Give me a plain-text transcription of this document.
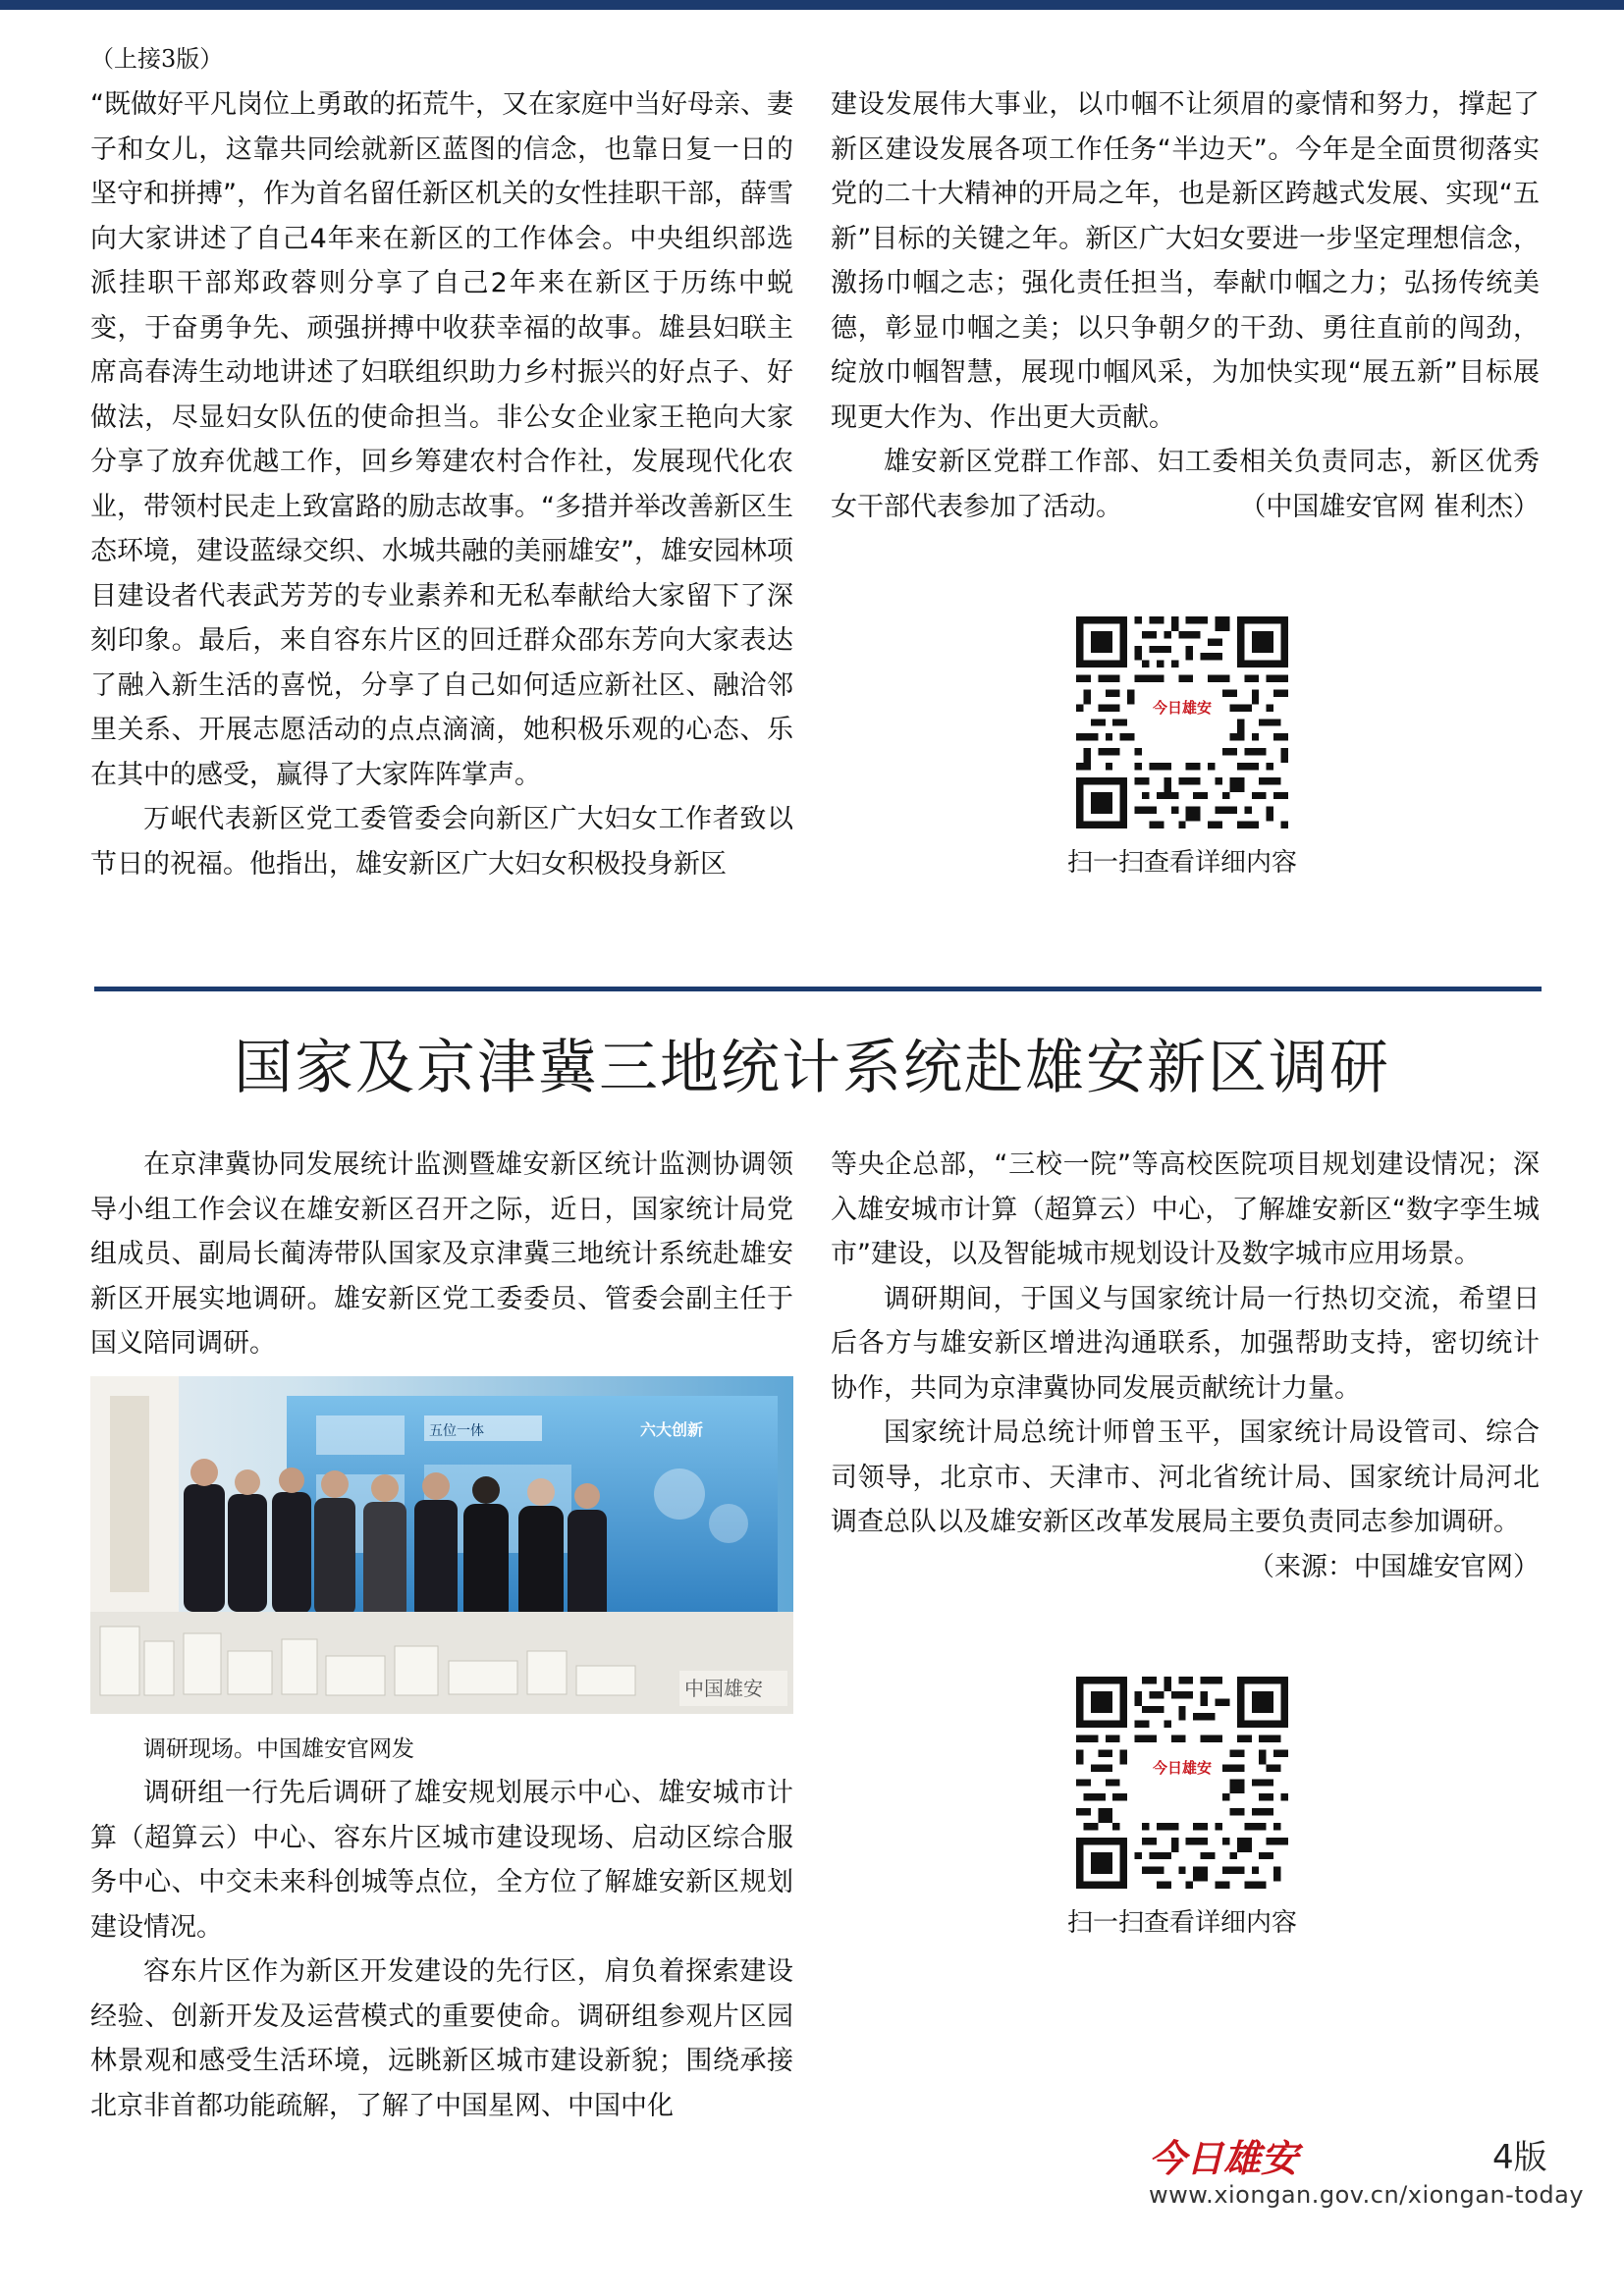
（上接3版）

“既做好平凡岗位上勇敢的拓荒牛，又在家庭中当好母亲、妻子和女儿，这靠共同绘就新区蓝图的信念，也靠日复一日的坚守和拼搏”，作为首名留任新区机关的女性挂职干部，薛雪向大家讲述了自己4年来在新区的工作体会。中央组织部选派挂职干部郑政蓉则分享了自己2年来在新区于历练中蜕变，于奋勇争先、顽强拼搏中收获幸福的故事。雄县妇联主席高春涛生动地讲述了妇联组织助力乡村振兴的好点子、好做法，尽显妇女队伍的使命担当。非公女企业家王艳向大家分享了放弃优越工作，回乡筹建农村合作社，发展现代化农业，带领村民走上致富路的励志故事。“多措并举改善新区生态环境，建设蓝绿交织、水城共融的美丽雄安”，雄安园林项目建设者代表武芳芳的专业素养和无私奉献给大家留下了深刻印象。最后，来自容东片区的回迁群众邵东芳向大家表达了融入新生活的喜悦，分享了自己如何适应新社区、融洽邻里关系、开展志愿活动的点点滴滴，她积极乐观的心态、乐在其中的感受，赢得了大家阵阵掌声。

万岷代表新区党工委管委会向新区广大妇女工作者致以节日的祝福。他指出，雄安新区广大妇女积极投身新区

建设发展伟大事业，以巾帼不让须眉的豪情和努力，撑起了新区建设发展各项工作任务“半边天”。今年是全面贯彻落实党的二十大精神的开局之年，也是新区跨越式发展、实现“五新”目标的关键之年。新区广大妇女要进一步坚定理想信念，激扬巾帼之志；强化责任担当，奉献巾帼之力；弘扬传统美德，彰显巾帼之美；以只争朝夕的干劲、勇往直前的闯劲，绽放巾帼智慧，展现巾帼风采，为加快实现“展五新”目标展现更大作为、作出更大贡献。

雄安新区党群工作部、妇工委相关负责同志，新区优秀女干部代表参加了活动。	（中国雄安官网 崔利杰）

今日雄安
扫一扫查看详细内容
国家及京津冀三地统计系统赴雄安新区调研

在京津冀协同发展统计监测暨雄安新区统计监测协调领导小组工作会议在雄安新区召开之际，近日，国家统计局党组成员、副局长蔺涛带队国家及京津冀三地统计系统赴雄安新区开展实地调研。雄安新区党工委委员、管委会副主任于国义陪同调研。

五位一体	六大创新
中国雄安
调研现场。中国雄安官网发

调研组一行先后调研了雄安规划展示中心、雄安城市计算（超算云）中心、容东片区城市建设现场、启动区综合服务中心、中交未来科创城等点位，全方位了解雄安新区规划建设情况。

容东片区作为新区开发建设的先行区，肩负着探索建设经验、创新开发及运营模式的重要使命。调研组参观片区园林景观和感受生活环境，远眺新区城市建设新貌；围绕承接北京非首都功能疏解，了解了中国星网、中国中化

等央企总部，“三校一院”等高校医院项目规划建设情况；深入雄安城市计算（超算云）中心，了解雄安新区“数字孪生城市”建设，以及智能城市规划设计及数字城市应用场景。

调研期间，于国义与国家统计局一行热切交流，希望日后各方与雄安新区增进沟通联系，加强帮助支持，密切统计协作，共同为京津冀协同发展贡献统计力量。

国家统计局总统计师曾玉平，国家统计局设管司、综合司领导，北京市、天津市、河北省统计局、国家统计局河北调查总队以及雄安新区改革发展局主要负责同志参加调研。
（来源：中国雄安官网）

今日雄安
扫一扫查看详细内容
今日雄安	4版
www.xiongan.gov.cn/xiongan-today
